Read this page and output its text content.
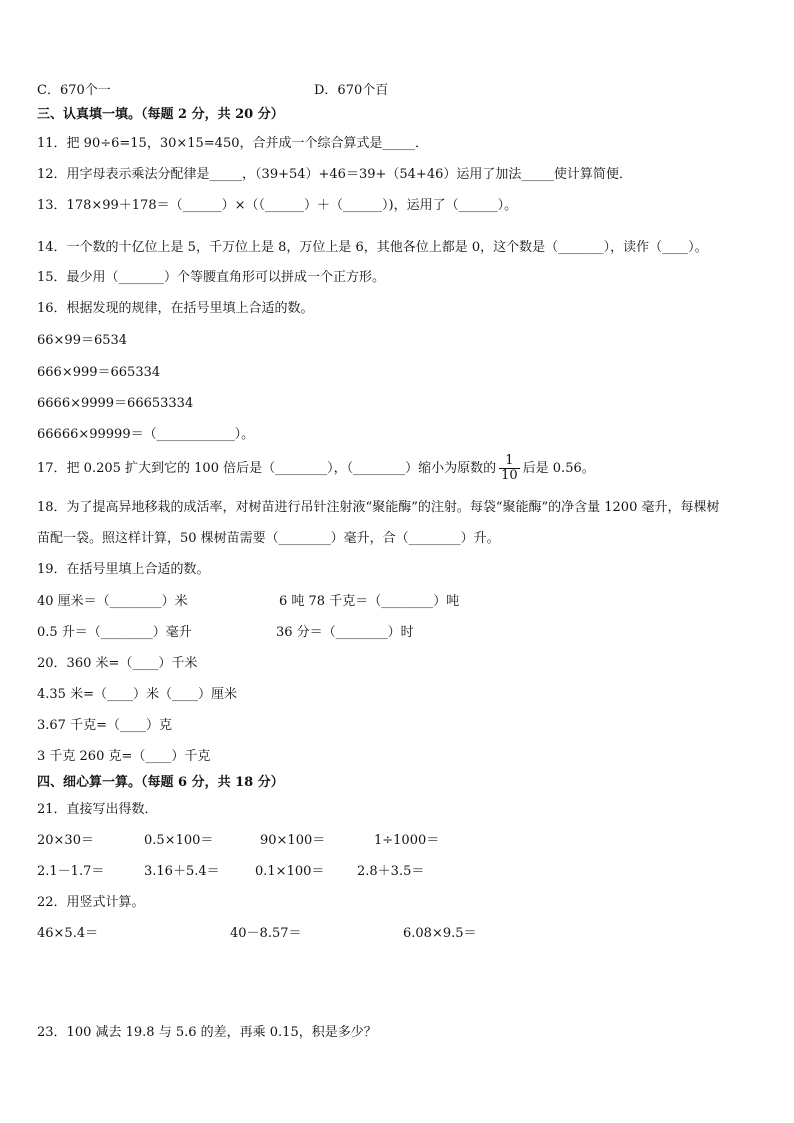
C．670个一	D．670个百
三、认真填一填。（每题 2 分，共 20 分）
11．把 90÷6=15，30×15=450，合并成一个综合算式是_____．
12．用字母表示乘法分配律是_____，（39+54）+46＝39+（54+46）运用了加法_____使计算简便．
13．178×99＋178＝（______）×（（______）＋（______）)，运用了（______）。
14．一个数的十亿位上是 5，千万位上是 8，万位上是 6，其他各位上都是 0，这个数是（_______），读作（____）。
15．最少用（_______）个等腰直角形可以拼成一个正方形。
16．根据发现的规律，在括号里填上合适的数。
66×99＝6534
666×999＝665334
6666×9999＝66653334
66666×99999＝（____________）。
17．把 0.205 扩大到它的 100 倍后是（________），（________）缩小为原数的 $\frac{1}{10}$ 后是 0.56。
18．为了提高异地移栽的成活率，对树苗进行吊针注射液“聚能酶”的注射。每袋“聚能酶”的净含量 1200 毫升，每棵树
苗配一袋。照这样计算，50 棵树苗需要（________）毫升，合（________）升。
19．在括号里填上合适的数。
40 厘米＝（________）米	6 吨 78 千克＝（________）吨
0.5 升＝（________）毫升	36 分＝（________）时
20．360 米=（____）千米
4.35 米=（____）米（____）厘米
3.67 千克=（____）克
3 千克 260 克=（____）千克
四、细心算一算。（每题 6 分，共 18 分）
21．直接写出得数．
20×30＝	0.5×100＝	90×100＝	1÷1000＝
2.1－1.7＝	3.16＋5.4＝	0.1×100＝	2.8＋3.5＝
22．用竖式计算。
46×5.4＝	40－8.57＝	6.08×9.5＝
23．100 减去 19.8 与 5.6 的差，再乘 0.15，积是多少？
